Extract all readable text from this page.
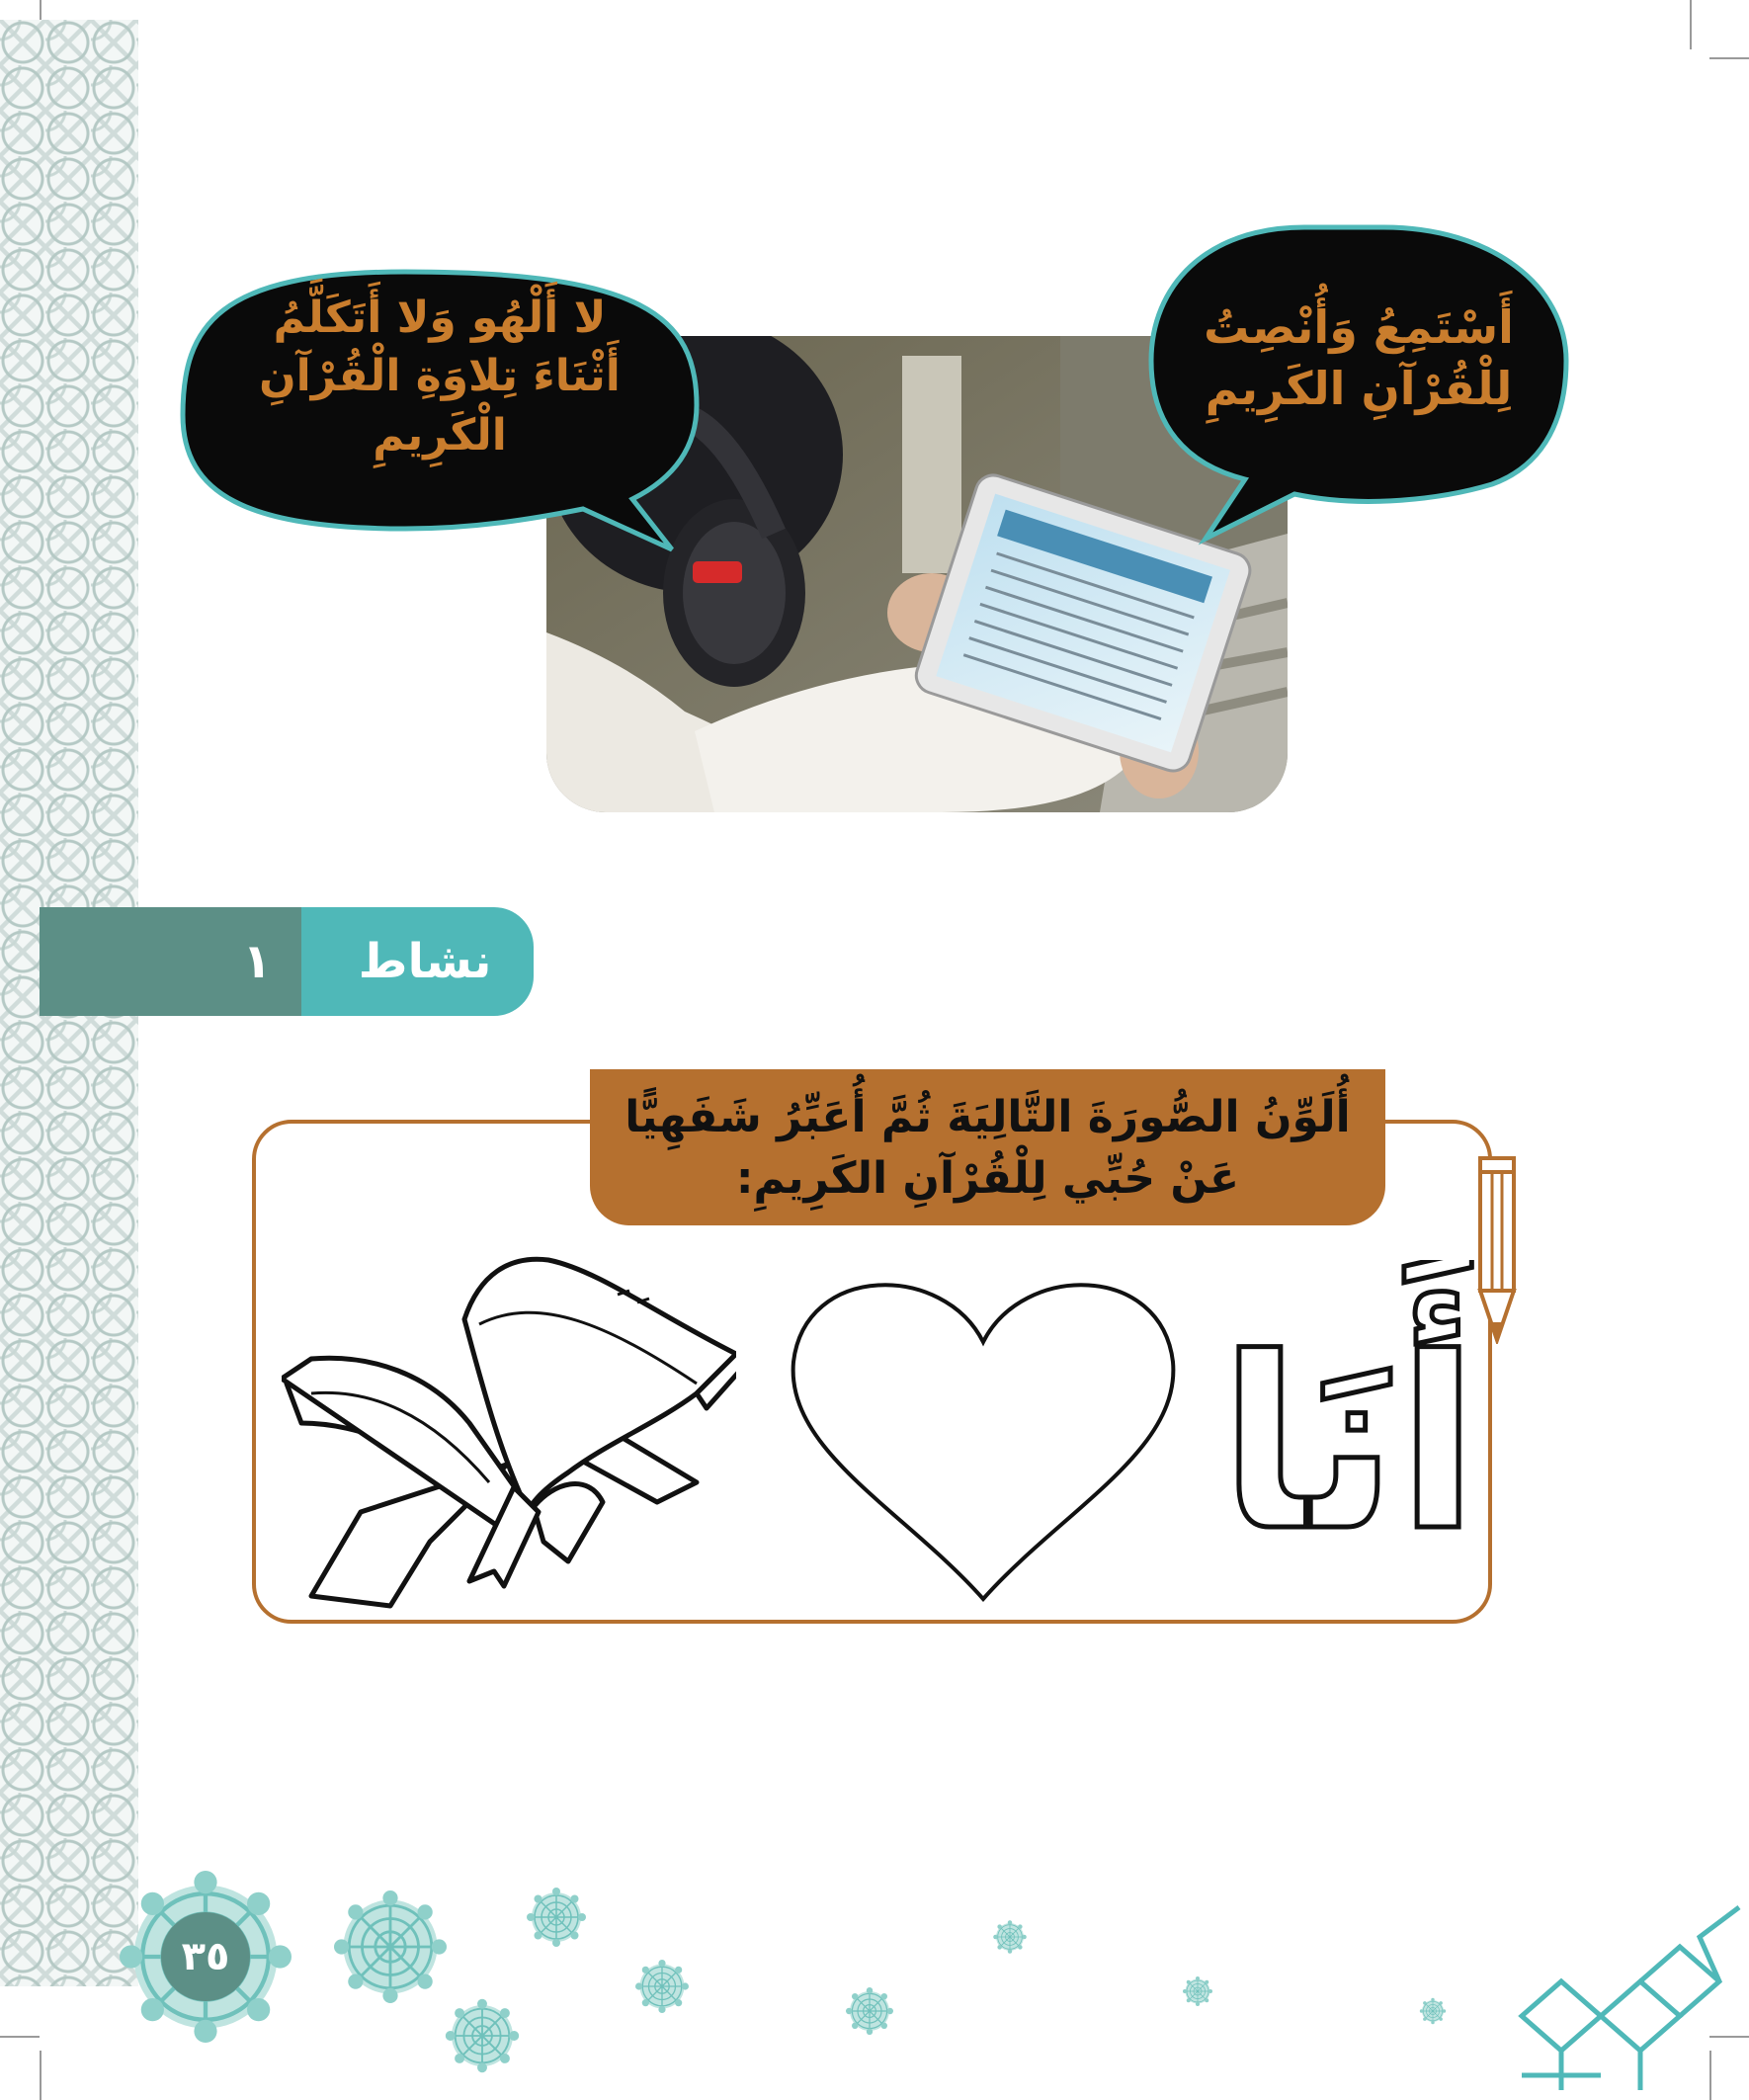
لا أَلْهُو وَلا أَتَكَلَّمُ
أَثْنَاءَ تِلاوَةِ الْقُرْآنِ
الْكَرِيمِ
أَسْتَمِعُ وَأُنْصِتُ
لِلْقُرْآنِ الكَرِيمِ
نشاط
١
أُلَوِّنُ الصُّورَةَ التَّالِيَةَ ثُمَّ أُعَبِّرُ شَفَهِيًّا
عَنْ حُبِّي لِلْقُرْآنِ الكَرِيمِ:
أَنَا
٣٥
